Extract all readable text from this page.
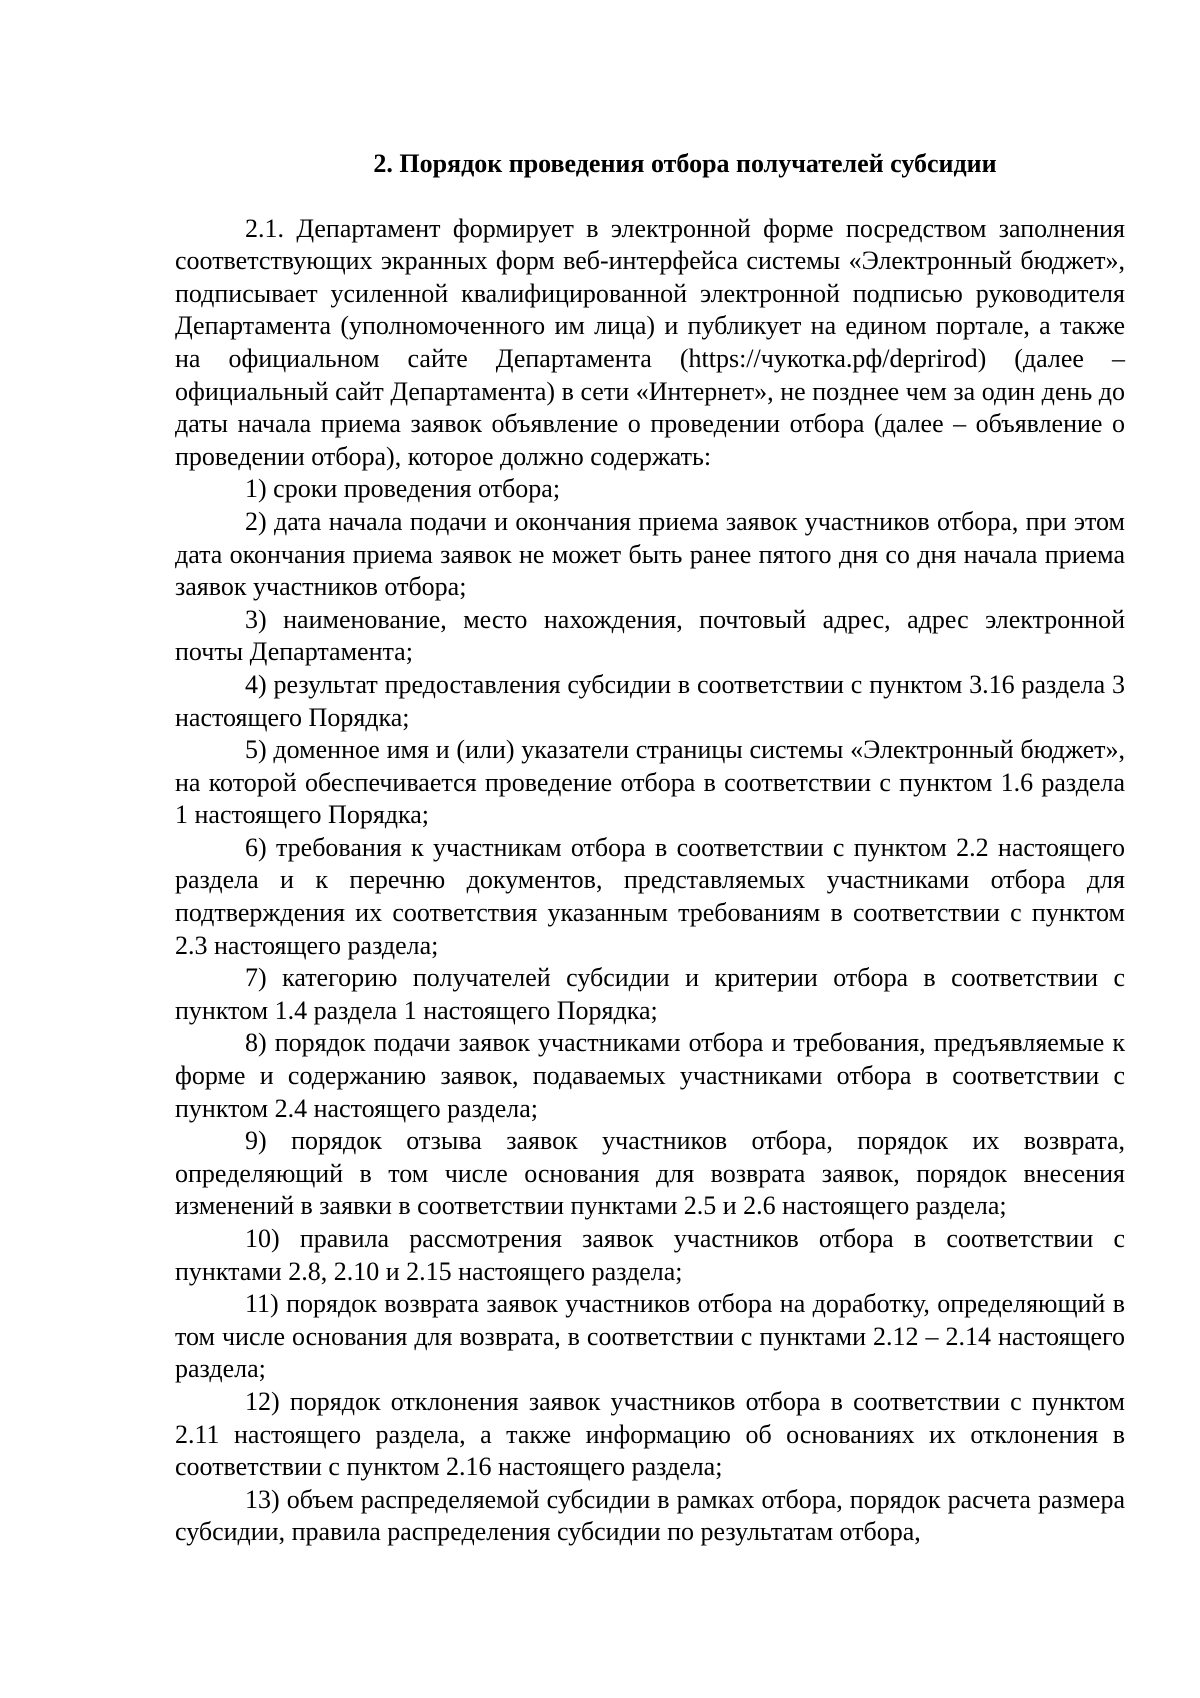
2. Порядок проведения отбора получателей субсидии

2.1. Департамент формирует в электронной форме посредством заполнения соответствующих экранных форм веб-интерфейса системы «Электронный бюджет», подписывает усиленной квалифицированной электронной подписью руководителя Департамента (уполномоченного им лица) и публикует на едином портале, а также на официальном сайте Департамента (https://чукотка.рф/deprirod) (далее – официальный сайт Департамента) в сети «Интернет», не позднее чем за один день до даты начала приема заявок объявление о проведении отбора (далее – объявление о проведении отбора), которое должно содержать:

1) сроки проведения отбора;

2) дата начала подачи и окончания приема заявок участников отбора, при этом дата окончания приема заявок не может быть ранее пятого дня со дня начала приема заявок участников отбора;

3) наименование, место нахождения, почтовый адрес, адрес электронной почты Департамента;

4) результат предоставления субсидии в соответствии с пунктом 3.16 раздела 3 настоящего Порядка;

5) доменное имя и (или) указатели страницы системы «Электронный бюджет», на которой обеспечивается проведение отбора в соответствии с пунктом 1.6 раздела 1 настоящего Порядка;

6) требования к участникам отбора в соответствии с пунктом 2.2 настоящего раздела и к перечню документов, представляемых участниками отбора для подтверждения их соответствия указанным требованиям в соответствии с пунктом 2.3 настоящего раздела;

7) категорию получателей субсидии и критерии отбора в соответствии с пунктом 1.4 раздела 1 настоящего Порядка;

8) порядок подачи заявок участниками отбора и требования, предъявляемые к форме и содержанию заявок, подаваемых участниками отбора в соответствии с пунктом 2.4 настоящего раздела;

9) порядок отзыва заявок участников отбора, порядок их возврата, определяющий в том числе основания для возврата заявок, порядок внесения изменений в заявки в соответствии пунктами 2.5 и 2.6 настоящего раздела;

10) правила рассмотрения заявок участников отбора в соответствии с пунктами 2.8, 2.10 и 2.15 настоящего раздела;

11) порядок возврата заявок участников отбора на доработку, определяющий в том числе основания для возврата, в соответствии с пунктами 2.12 – 2.14 настоящего раздела;

12) порядок отклонения заявок участников отбора в соответствии с пунктом 2.11 настоящего раздела, а также информацию об основаниях их отклонения в соответствии с пунктом 2.16 настоящего раздела;

13) объем распределяемой субсидии в рамках отбора, порядок расчета размера субсидии, правила распределения субсидии по результатам отбора,
